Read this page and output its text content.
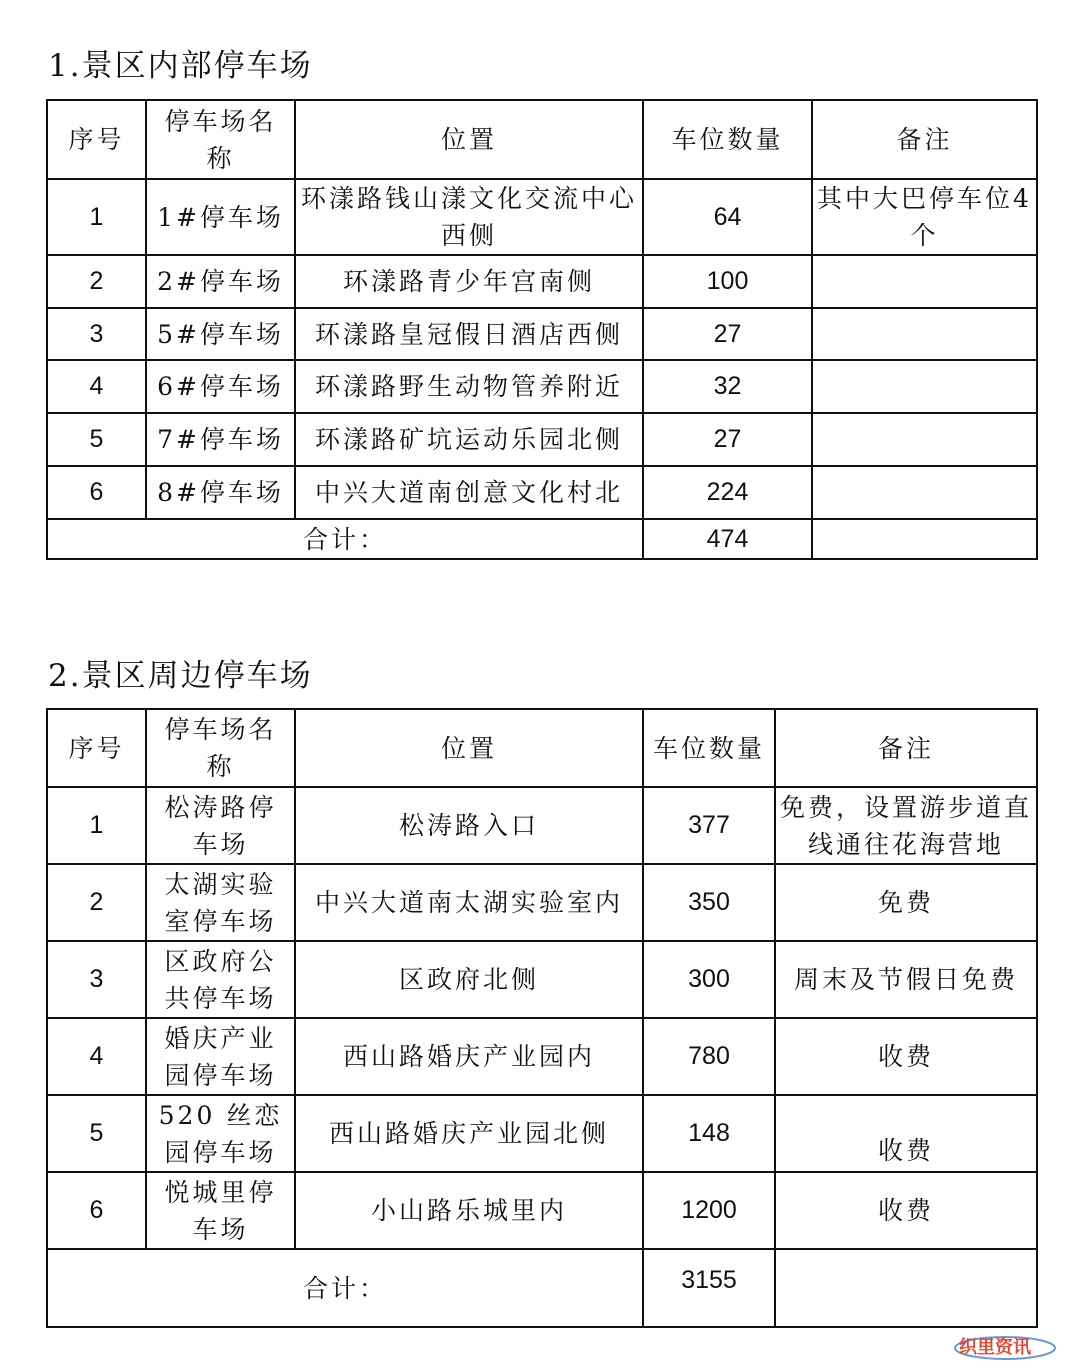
1.景区内部停车场
序号	停车场名称	位置	车位数量	备注
1	1#停车场	环漾路钱山漾文化交流中心西侧	64	其中大巴停车位4个
2	2#停车场	环漾路青少年宫南侧	100	
3	5#停车场	环漾路皇冠假日酒店西侧	27	
4	6#停车场	环漾路野生动物管养附近	32	
5	7#停车场	环漾路矿坑运动乐园北侧	27	
6	8#停车场	中兴大道南创意文化村北	224	
合计：			474	
2.景区周边停车场
序号	停车场名称	位置	车位数量	备注
1	松涛路停车场	松涛路入口	377	免费，设置游步道直线通往花海营地
2	太湖实验室停车场	中兴大道南太湖实验室内	350	免费
3	区政府公共停车场	区政府北侧	300	周末及节假日免费
4	婚庆产业园停车场	西山路婚庆产业园内	780	收费
5	520 丝恋园停车场	西山路婚庆产业园北侧	148	收费
6	悦城里停车场	小山路乐城里内	1200	收费
合计：			3155	
织里资讯
